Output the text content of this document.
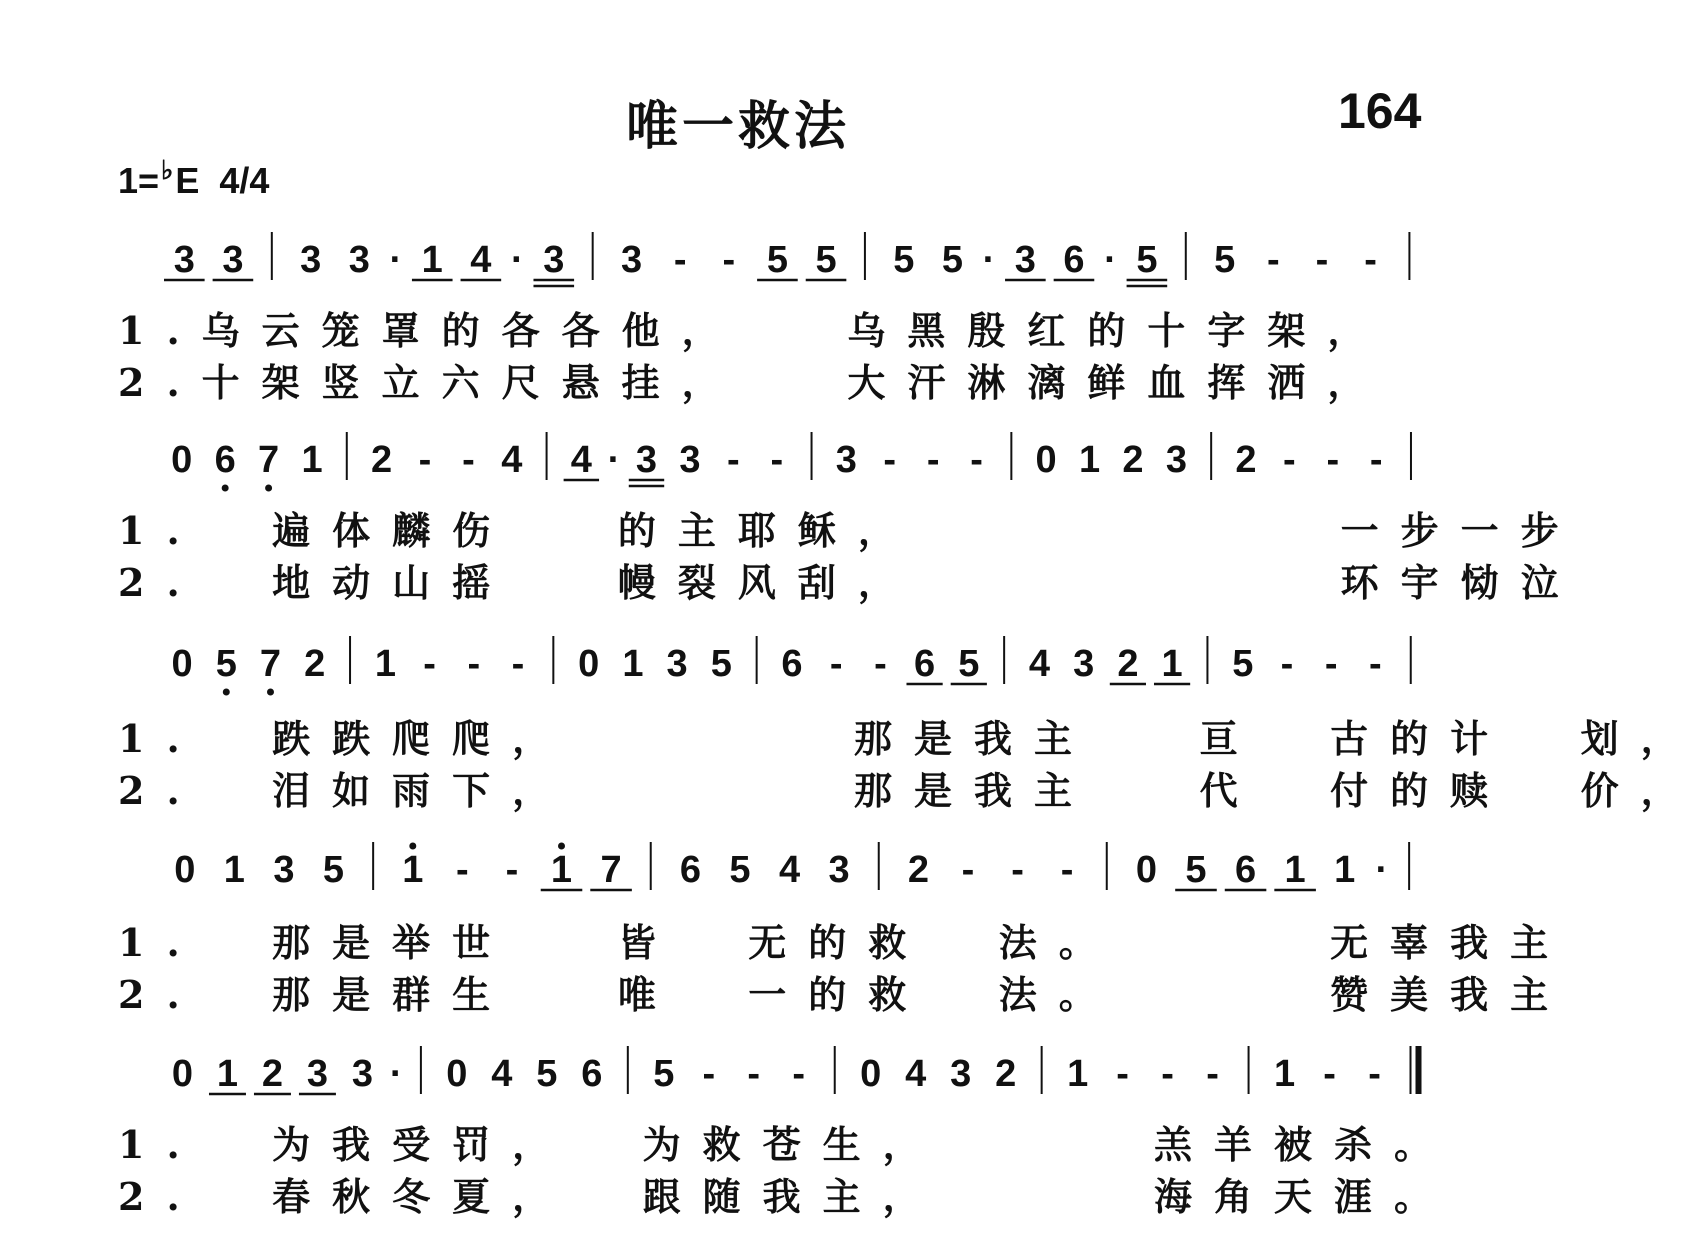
唯一救法	164
1=♭E 4/4
3 3 3 3 · 1 4 · 3 3 - - 5 5 5 5 · 3 6 · 5 5 - - -
0 6 7 1 2 - - 4 4 · 3 3 - - 3 - - - 0 1 2 3 2 - - -
0 5 7 2 1 - - - 0 1 3 5 6 - - 6 5 4 3 2 1 5 - - -
0 1 3 5 1 - - 1 7 6 5 4 3 2 - - - 0 5 6 1 1 ·
0 1 2 3 3 · 0 4 5 6 5 - - - 0 4 3 2 1 - - - 1 - -
1.乌云笼罩的各各他，   乌黑殷红的十字架，
2.十架竖立六尺悬挂，   大汗淋漓鲜血挥洒，
1.  遍体麟伤   的主耶稣，            一步一步
2.  地动山摇   幔裂风刮，            环宇恸泣
1.  跌跌爬爬，        那是我主   亘  古的计  划，
2.  泪如雨下，        那是我主   代  付的赎  价，
1.  那是举世   皆  无的救  法。      无辜我主
2.  那是群生   唯  一的救  法。      赞美我主
1.  为我受罚，  为救苍生，      羔羊被杀。
2.  春秋冬夏，  跟随我主，      海角天涯。
